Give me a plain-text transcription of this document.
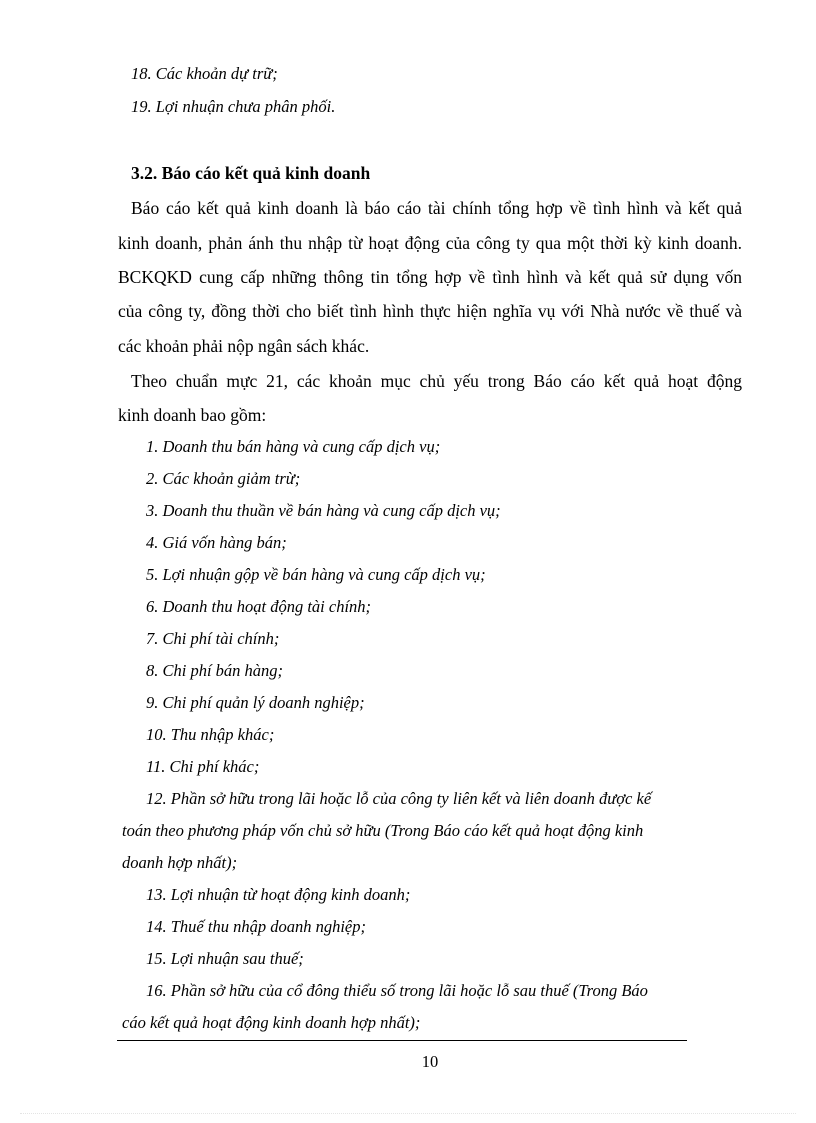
18. Các khoản dự trữ;
19. Lợi nhuận chưa phân phối.
3.2. Báo cáo kết quả kinh doanh
Báo cáo kết quả kinh doanh là báo cáo tài chính tổng hợp về tình hình và kết quả
kinh doanh, phản ánh thu nhập từ hoạt động của công ty qua một thời kỳ kinh doanh.
BCKQKD cung cấp những thông tin tổng hợp về tình hình và kết quả sử dụng vốn
của công ty, đồng thời cho biết tình hình thực hiện nghĩa vụ với Nhà nước về thuế và
các khoản phải nộp ngân sách khác.
Theo chuẩn mực 21, các khoản mục chủ yếu trong Báo cáo kết quả hoạt động
kinh doanh bao gồm:
1. Doanh thu bán hàng và cung cấp dịch vụ;
2. Các khoản giảm trừ;
3. Doanh thu thuần về bán hàng và cung cấp dịch vụ;
4. Giá vốn hàng bán;
5. Lợi nhuận gộp về bán hàng và cung cấp dịch vụ;
6. Doanh thu hoạt động tài chính;
7. Chi phí tài chính;
8. Chi phí bán hàng;
9. Chi phí quản lý doanh nghiệp;
10. Thu nhập khác;
11. Chi phí khác;
12. Phần sở hữu trong lãi hoặc lỗ của công ty liên kết và liên doanh được kế
toán theo phương pháp vốn chủ sở hữu (Trong Báo cáo kết quả hoạt động kinh
doanh hợp nhất);
13. Lợi nhuận từ hoạt động kinh doanh;
14. Thuế thu nhập doanh nghiệp;
15. Lợi nhuận sau thuế;
16. Phần sở hữu của cổ đông thiểu số trong lãi hoặc lỗ sau thuế (Trong Báo
cáo kết quả hoạt động kinh doanh hợp nhất);
10
